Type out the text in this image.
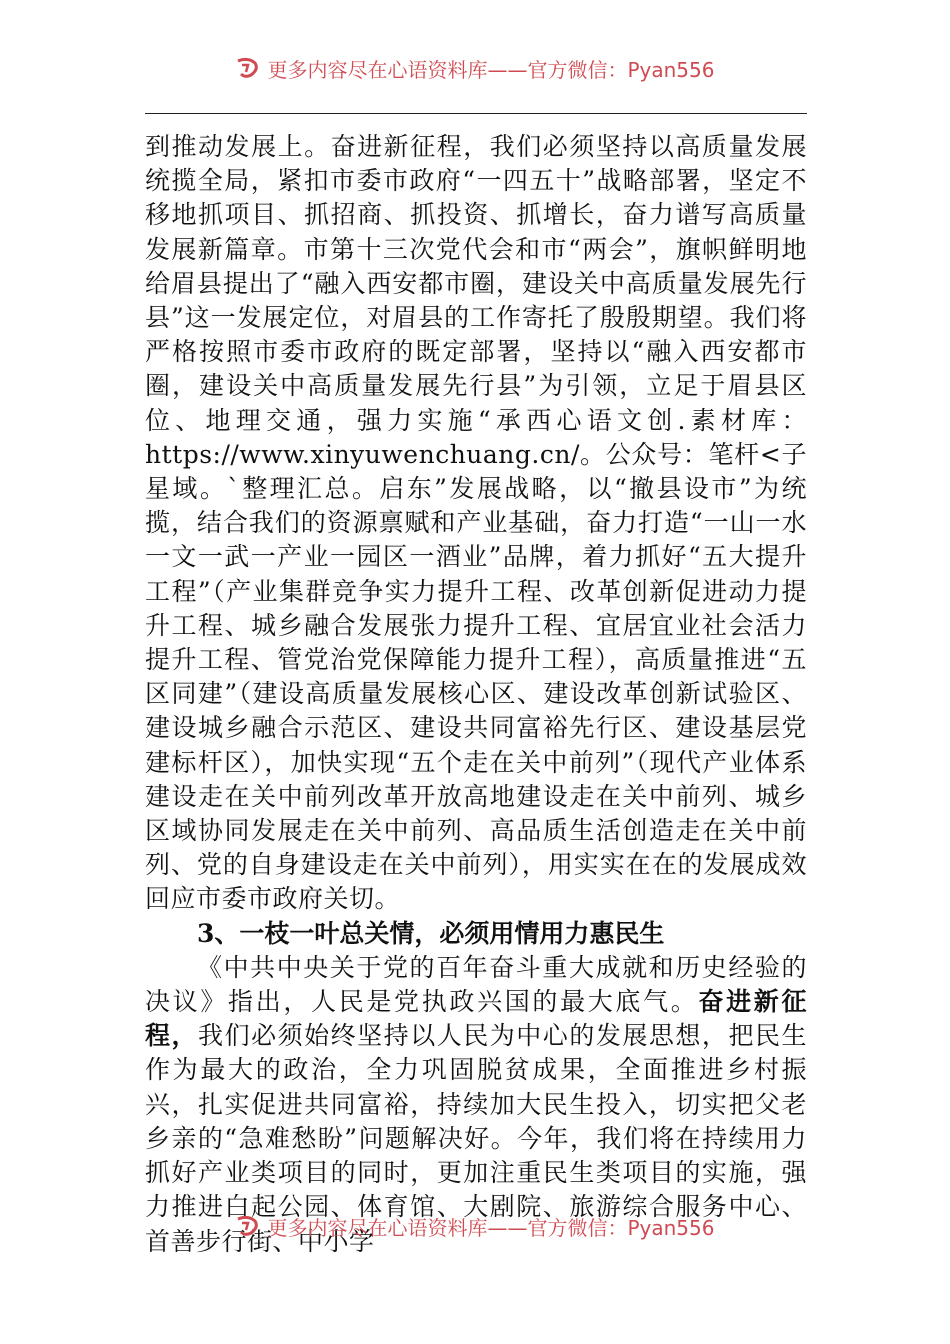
更多内容尽在心语资料库——官方微信：Pyan556

到推动发展上。奋进新征程，我们必须坚持以高质量发展统揽全局，紧扣市委市政府“一四五十”战略部署，坚定不移地抓项目、抓招商、抓投资、抓增长，奋力谱写高质量发展新篇章。市第十三次党代会和市“两会”，旗帜鲜明地给眉县提出了“融入西安都市圈，建设关中高质量发展先行县”这一发展定位，对眉县的工作寄托了殷殷期望。我们将严格按照市委市政府的既定部署，坚持以“融入西安都市圈，建设关中高质量发展先行县”为引领，立足于眉县区位、地理交通，强力实施“承西心语文创.素材库：https://www.xinyuwenchuang.cn/。公众号：笔杆<子星域。`整理汇总。启东”发展战略，以“撤县设市”为统揽，结合我们的资源禀赋和产业基础，奋力打造“一山一水一文一武一产业一园区一酒业”品牌，着力抓好“五大提升工程”（产业集群竞争实力提升工程、改革创新促进动力提升工程、城乡融合发展张力提升工程、宜居宜业社会活力提升工程、管党治党保障能力提升工程），高质量推进“五区同建”（建设高质量发展核心区、建设改革创新试验区、建设城乡融合示范区、建设共同富裕先行区、建设基层党建标杆区），加快实现“五个走在关中前列”（现代产业体系建设走在关中前列改革开放高地建设走在关中前列、城乡区域协同发展走在关中前列、高品质生活创造走在关中前列、党的自身建设走在关中前列），用实实在在的发展成效回应市委市政府关切。

3、一枝一叶总关情，必须用情用力惠民生

《中共中央关于党的百年奋斗重大成就和历史经验的决议》指出，人民是党执政兴国的最大底气。奋进新征程，我们必须始终坚持以人民为中心的发展思想，把民生作为最大的政治，全力巩固脱贫成果，全面推进乡村振兴，扎实促进共同富裕，持续加大民生投入，切实把父老乡亲的“急难愁盼”问题解决好。今年，我们将在持续用力抓好产业类项目的同时，更加注重民生类项目的实施，强力推进白起公园、体育馆、大剧院、旅游综合服务中心、首善步行街、中小学

更多内容尽在心语资料库——官方微信：Pyan556
